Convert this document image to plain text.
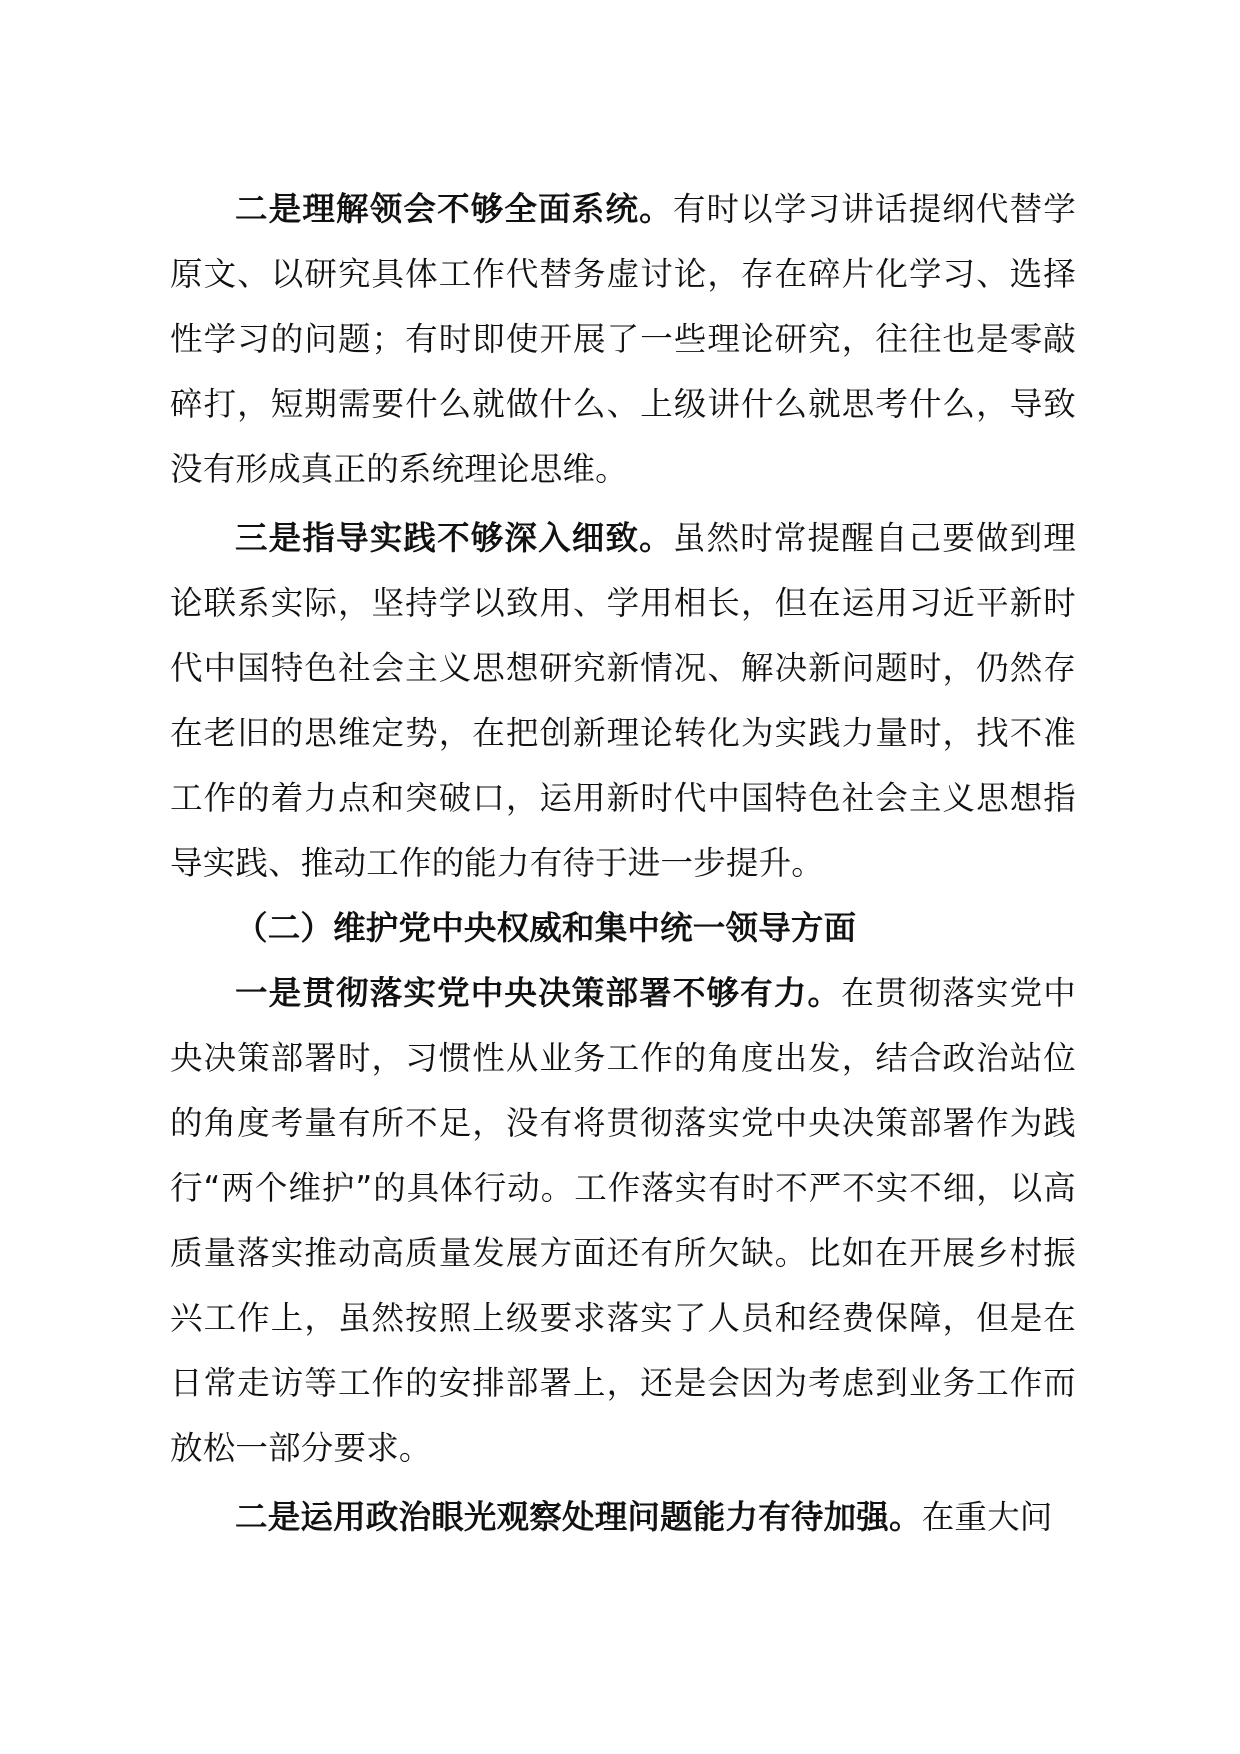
二是理解领会不够全面系统。有时以学习讲话提纲代替学原文、以研究具体工作代替务虚讨论，存在碎片化学习、选择性学习的问题；有时即使开展了一些理论研究，往往也是零敲碎打，短期需要什么就做什么、上级讲什么就思考什么，导致没有形成真正的系统理论思维。

三是指导实践不够深入细致。虽然时常提醒自己要做到理论联系实际，坚持学以致用、学用相长，但在运用习近平新时代中国特色社会主义思想研究新情况、解决新问题时，仍然存在老旧的思维定势，在把创新理论转化为实践力量时，找不准工作的着力点和突破口，运用新时代中国特色社会主义思想指导实践、推动工作的能力有待于进一步提升。

（二）维护党中央权威和集中统一领导方面

一是贯彻落实党中央决策部署不够有力。在贯彻落实党中央决策部署时，习惯性从业务工作的角度出发，结合政治站位的角度考量有所不足，没有将贯彻落实党中央决策部署作为践行“两个维护”的具体行动。工作落实有时不严不实不细，以高质量落实推动高质量发展方面还有所欠缺。比如在开展乡村振兴工作上，虽然按照上级要求落实了人员和经费保障，但是在日常走访等工作的安排部署上，还是会因为考虑到业务工作而放松一部分要求。

二是运用政治眼光观察处理问题能力有待加强。在重大问
